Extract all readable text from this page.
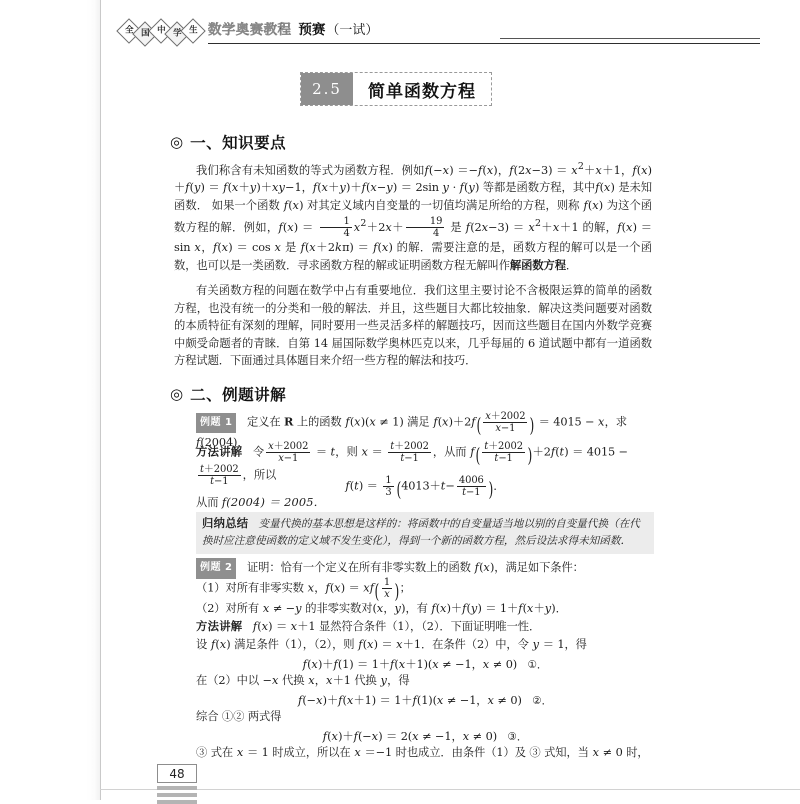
全 国 中 学 生 数学奥赛教程 预赛 （一试）
2.5	简单函数方程
◎ 一、知识要点
我们称含有未知函数的等式为函数方程．例如f(−x) ＝−f(x)，$f(2x-3) = x^2+x+1$，f(x)＋f(y) ＝ f(x＋y)＋xy−1，f(x＋y)＋f(x−y) ＝ 2sin y · f(y) 等都是函数方程，其中f(x) 是未知函数． 如果一个函数 f(x) 对其定义域内自变量的一切值均满足所给的方程，则称 f(x) 为这个函数方程的解．例如，$f(x) = \frac{1}{4} x^2+2x+ \frac{19}{4}$ 是 $f(2x-3) = x^2+x+1$ 的解，f(x) ＝ sin x，f(x) ＝ cos x 是 f(x＋2kπ) ＝ f(x) 的解．需要注意的是，函数方程的解可以是一个函数，也可以是一类函数．寻求函数方程的解或证明函数方程无解叫作解函数方程．
有关函数方程的问题在数学中占有重要地位．我们这里主要讨论不含极限运算的简单的函数方程，也没有统一的分类和一般的解法．并且，这些题目大都比较抽象．解决这类问题要对函数的本质特征有深刻的理解，同时要用一些灵活多样的解题技巧，因而这些题目在国内外数学竞赛中颇受命题者的青睐．自第 14 届国际数学奥林匹克以来，几乎每届的 6 道试题中都有一道函数方程试题．下面通过具体题目来介绍一些方程的解法和技巧．
◎ 二、例题讲解
例题 1 定义在 R 上的函数 f(x)(x ≠ 1) 满足 $f(x)+2f( \frac{x+2002}{x-1}$ ) ＝ 4015 − x，求 f(2004)．
方法讲解 令 $\frac{x+2002}{x-1} = t$，则 $x = \frac{t+2002}{t-1}$ ，从而 $f( \frac{t+2002}{t-1} )+2f(t) = 4015$ −
$\frac{t+2002}{t-1}$ ，所以
$f(t) = \frac{1}{3} (4013+t- \frac{4006}{t-1}$ )．
从而 f(2004) ＝ 2005．
归纳总结 变量代换的基本思想是这样的：将函数中的自变量适当地以别的自变量代换（在代换时应注意使函数的定义域不发生变化），得到一个新的函数方程，然后设法求得未知函数．
例题 2 证明：恰有一个定义在所有非零实数上的函数 f(x)，满足如下条件：
（1）对所有非零实数 x，$f(x) = xf( \frac{1}{x}$ )；
（2）对所有 x ≠ −y 的非零实数对(x，y)，有 f(x)＋f(y) ＝ 1＋f(x＋y)．
方法讲解 f(x) ＝ x＋1 显然符合条件（1），（2）．下面证明唯一性．
设 f(x) 满足条件（1），（2），则 f(x) ＝ x＋1．在条件（2）中，令 y ＝ 1，得
f(x)＋f(1) ＝ 1＋f(x＋1)(x ≠ −1，x ≠ 0)   ①．
在（2）中以 −x 代换 x，x＋1 代换 y，得
f(−x)＋f(x＋1) ＝ 1＋f(1)(x ≠ −1，x ≠ 0)   ②．
综合 ①② 两式得
f(x)＋f(−x) ＝ 2(x ≠ −1，x ≠ 0)   ③．
③ 式在 x ＝ 1 时成立，所以在 x ＝−1 时也成立．由条件（1）及 ③ 式知，当 x ≠ 0 时，
48
